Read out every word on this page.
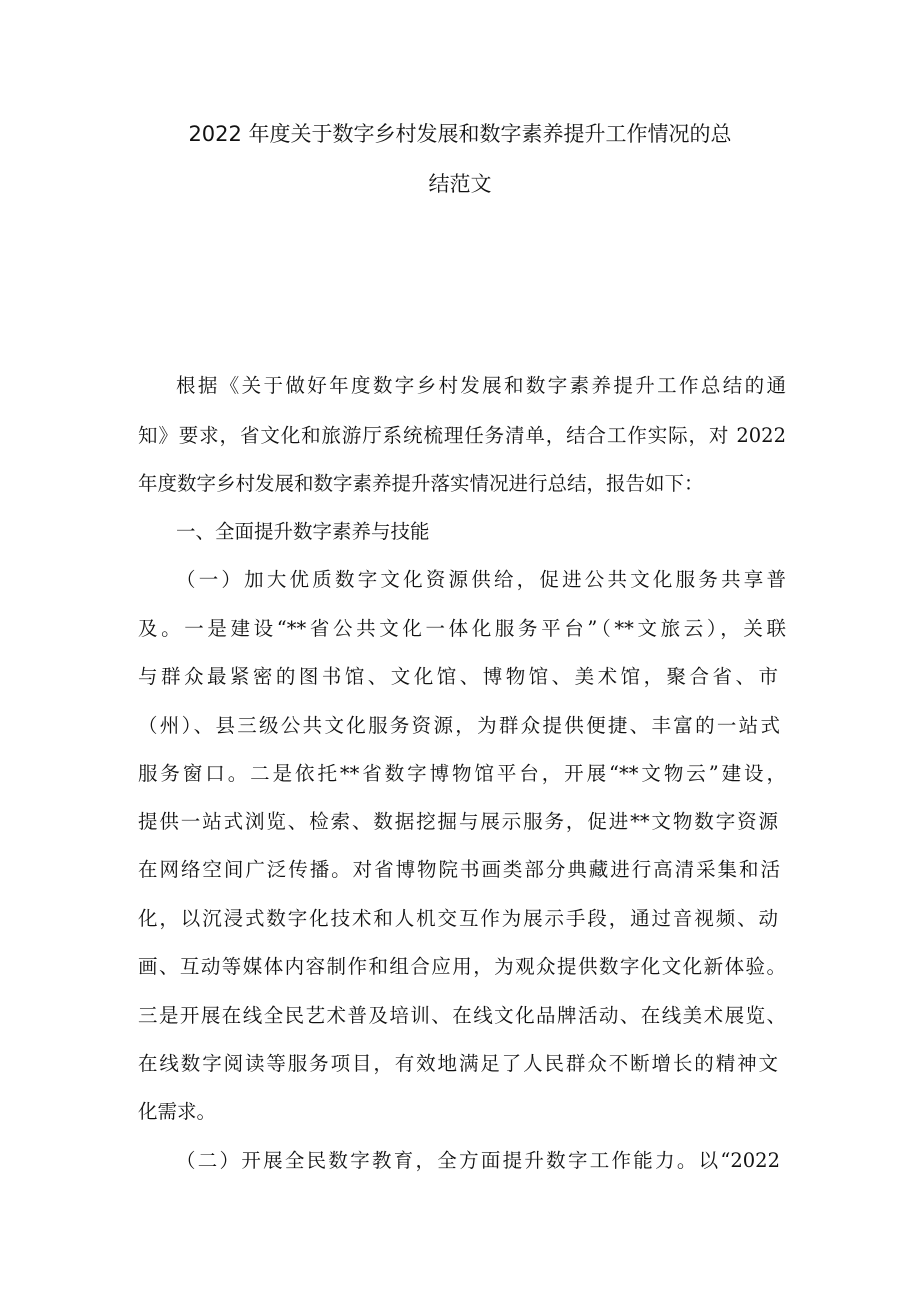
2022 年度关于数字乡村发展和数字素养提升工作情况的总
结范文
根据《关于做好年度数字乡村发展和数字素养提升工作总结的通
知》要求，省文化和旅游厅系统梳理任务清单，结合工作实际，对 2022
年度数字乡村发展和数字素养提升落实情况进行总结，报告如下：
一、全面提升数字素养与技能
（一）加大优质数字文化资源供给，促进公共文化服务共享普
及。一是建设“**省公共文化一体化服务平台”（**文旅云），关联
与群众最紧密的图书馆、文化馆、博物馆、美术馆，聚合省、市
（州）、县三级公共文化服务资源，为群众提供便捷、丰富的一站式
服务窗口。二是依托**省数字博物馆平台，开展“**文物云”建设，
提供一站式浏览、检索、数据挖掘与展示服务，促进**文物数字资源
在网络空间广泛传播。对省博物院书画类部分典藏进行高清采集和活
化，以沉浸式数字化技术和人机交互作为展示手段，通过音视频、动
画、互动等媒体内容制作和组合应用，为观众提供数字化文化新体验。
三是开展在线全民艺术普及培训、在线文化品牌活动、在线美术展览、
在线数字阅读等服务项目，有效地满足了人民群众不断增长的精神文
化需求。
（二）开展全民数字教育，全方面提升数字工作能力。以“2022
